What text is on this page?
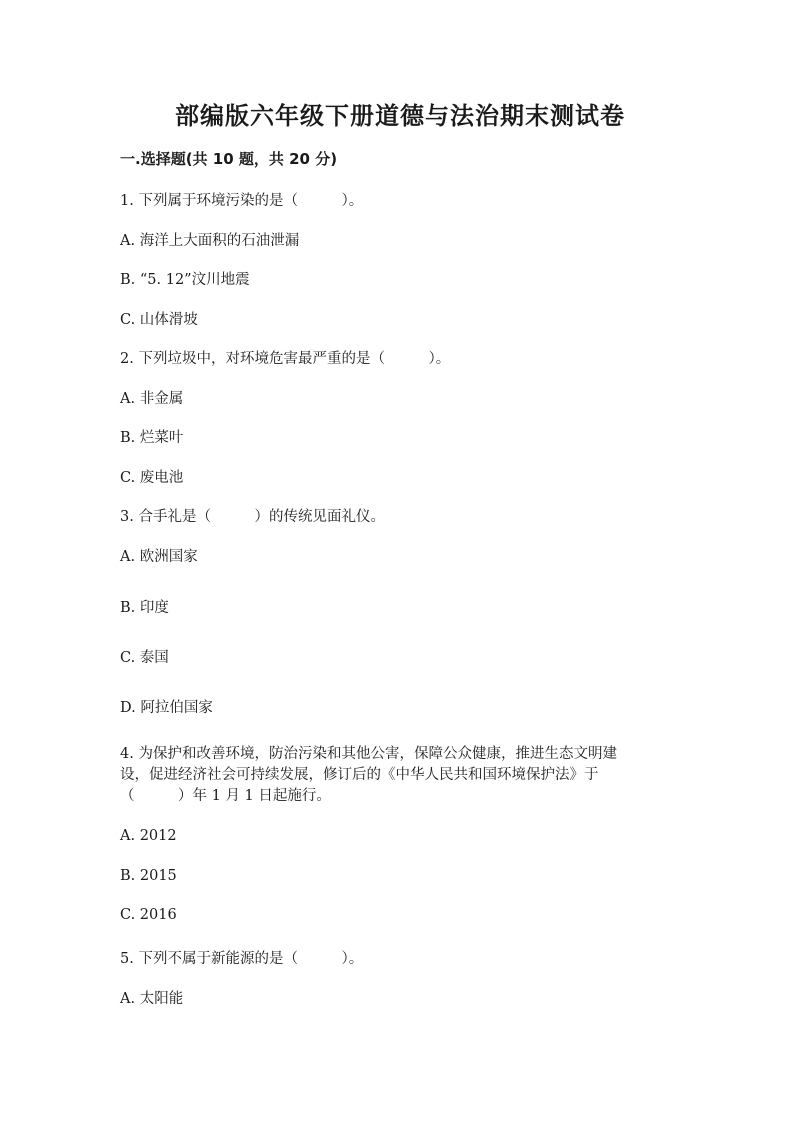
部编版六年级下册道德与法治期末测试卷
一.选择题(共 10 题，共 20 分)
1. 下列属于环境污染的是（　　　）。
A. 海洋上大面积的石油泄漏
B. “5. 12”汶川地震
C. 山体滑坡
2. 下列垃圾中，对环境危害最严重的是（　　　）。
A. 非金属
B. 烂菜叶
C. 废电池
3. 合手礼是（　　　）的传统见面礼仪。
A. 欧洲国家
B. 印度
C. 泰国
D. 阿拉伯国家
4. 为保护和改善环境，防治污染和其他公害，保障公众健康，推进生态文明建
设，促进经济社会可持续发展，修订后的《中华人民共和国环境保护法》于
（　　　）年 1 月 1 日起施行。
A. 2012
B. 2015
C. 2016
5. 下列不属于新能源的是（　　　）。
A. 太阳能
